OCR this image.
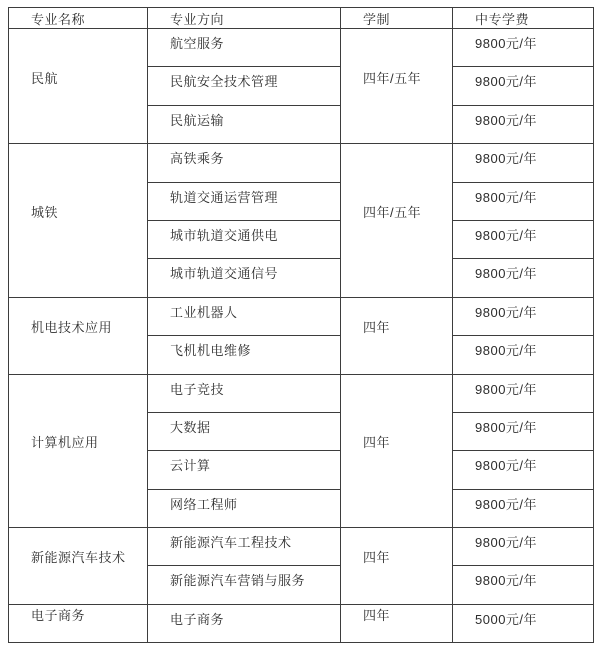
专业名称	专业方向	学制	中专学费
民航	航空服务	四年/五年	9800元/年
	民航安全技术管理		9800元/年
	民航运输		9800元/年
城铁	高铁乘务	四年/五年	9800元/年
	轨道交通运营管理		9800元/年
	城市轨道交通供电		9800元/年
	城市轨道交通信号		9800元/年
机电技术应用	工业机器人	四年	9800元/年
	飞机机电维修		9800元/年
计算机应用	电子竞技	四年	9800元/年
	大数据		9800元/年
	云计算		9800元/年
	网络工程师		9800元/年
新能源汽车技术	新能源汽车工程技术	四年	9800元/年
	新能源汽车营销与服务		9800元/年
电子商务	电子商务	四年	5000元/年
